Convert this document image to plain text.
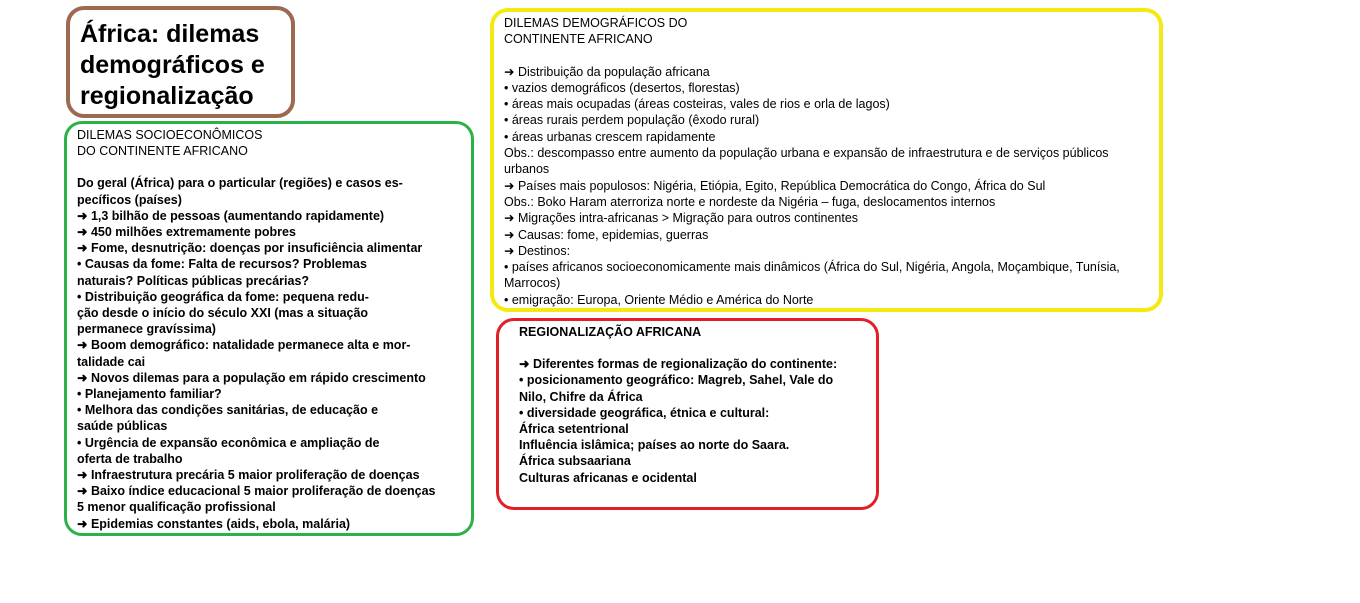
África: dilemas
demográficos e
regionalização
DILEMAS SOCIOECONÔMICOS
DO CONTINENTE AFRICANO
Do geral (África) para o particular (regiões) e casos es-
pecíficos (países)
➜ 1,3 bilhão de pessoas (aumentando rapidamente)
➜ 450 milhões extremamente pobres
➜ Fome, desnutrição: doenças por insuficiência alimentar
• Causas da fome: Falta de recursos? Problemas
naturais? Políticas públicas precárias?
• Distribuição geográfica da fome: pequena redu-
ção desde o início do século XXI (mas a situação
permanece gravíssima)
➜ Boom demográfico: natalidade permanece alta e mor-
talidade cai
➜ Novos dilemas para a população em rápido crescimento
• Planejamento familiar?
• Melhora das condições sanitárias, de educação e
saúde públicas
• Urgência de expansão econômica e ampliação de
oferta de trabalho
➜ Infraestrutura precária 5 maior proliferação de doenças
➜ Baixo índice educacional 5 maior proliferação de doenças
5 menor qualificação profissional
➜ Epidemias constantes (aids, ebola, malária)
DILEMAS DEMOGRÁFICOS DO
CONTINENTE AFRICANO
➜ Distribuição da população africana
• vazios demográficos (desertos, florestas)
• áreas mais ocupadas (áreas costeiras, vales de rios e orla de lagos)
• áreas rurais perdem população (êxodo rural)
• áreas urbanas crescem rapidamente
Obs.: descompasso entre aumento da população urbana e expansão de infraestrutura e de serviços públicos
urbanos
➜ Países mais populosos: Nigéria, Etiópia, Egito, República Democrática do Congo, África do Sul
Obs.: Boko Haram aterroriza norte e nordeste da Nigéria – fuga, deslocamentos internos
➜ Migrações intra-africanas > Migração para outros continentes
➜ Causas: fome, epidemias, guerras
➜ Destinos:
• países africanos socioeconomicamente mais dinâmicos (África do Sul, Nigéria, Angola, Moçambique, Tunísia,
Marrocos)
• emigração: Europa, Oriente Médio e América do Norte
REGIONALIZAÇÃO AFRICANA
➜ Diferentes formas de regionalização do continente:
• posicionamento geográfico: Magreb, Sahel, Vale do
Nilo, Chifre da África
• diversidade geográfica, étnica e cultural:
África setentrional
Influência islâmica; países ao norte do Saara.
África subsaariana
Culturas africanas e ocidental
